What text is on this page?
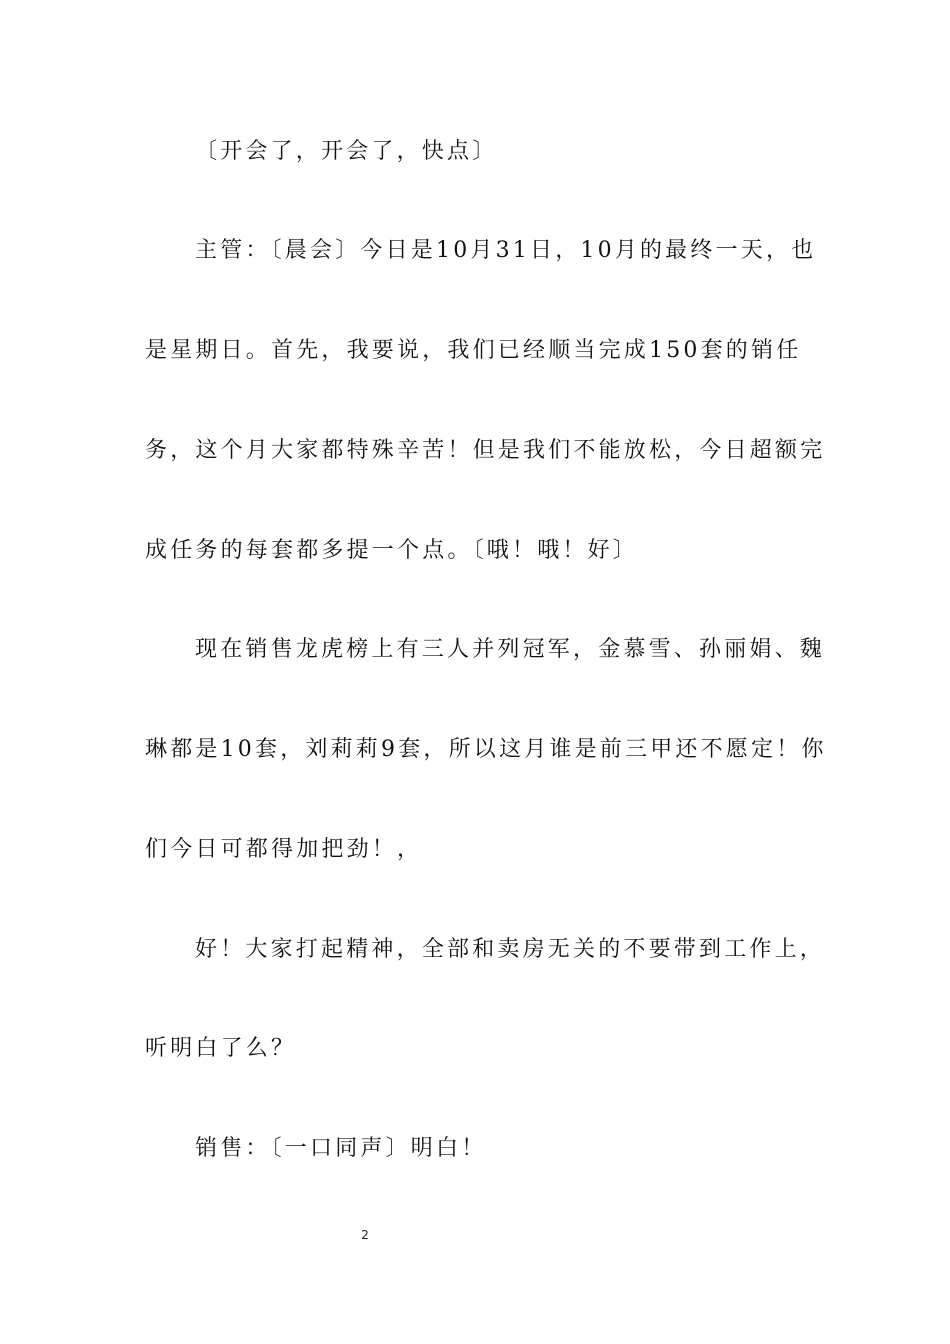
〔开会了，开会了，快点〕
主管：〔晨会〕今日是10月31日，10月的最终一天，也
是星期日。首先，我要说，我们已经顺当完成150套的销任
务，这个月大家都特殊辛苦！但是我们不能放松，今日超额完
成任务的每套都多提一个点。〔哦！哦！好〕
现在销售龙虎榜上有三人并列冠军，金慕雪、孙丽娟、魏
琳都是10套，刘莉莉9套，所以这月谁是前三甲还不愿定！你
们今日可都得加把劲！，
好！大家打起精神，全部和卖房无关的不要带到工作上，
听明白了么？
销售：〔一口同声〕明白！
2
